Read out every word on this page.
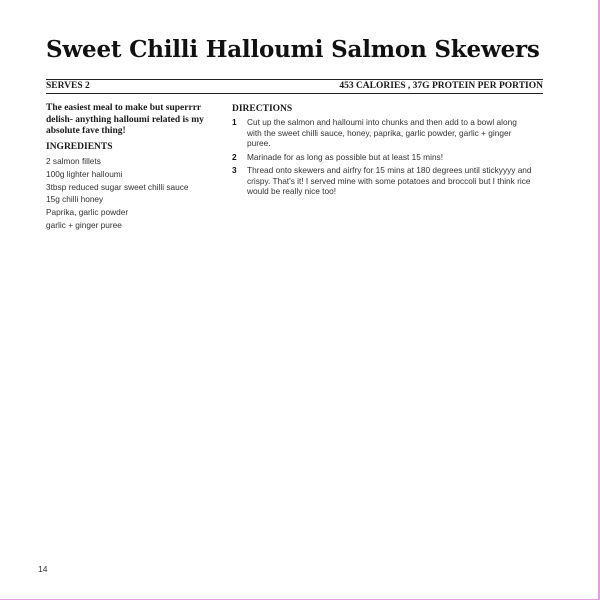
Sweet Chilli Halloumi Salmon Skewers
SERVES 2	453 CALORIES , 37G PROTEIN PER PORTION

The easiest meal to make but superrrr delish- anything halloumi related is my absolute fave thing!

INGREDIENTS
2 salmon fillets
100g lighter halloumi
3tbsp reduced sugar sweet chilli sauce
15g chilli honey
Paprika, garlic powder
garlic + ginger puree
DIRECTIONS
1	Cut up the salmon and halloumi into chunks and then add to a bowl along with the sweet chilli sauce, honey, paprika, garlic powder, garlic + ginger puree.
2	Marinade for as long as possible but at least 15 mins!
3	Thread onto skewers and airfry for 15 mins at 180 degrees until stickyyyy and crispy. That's it! I served mine with some potatoes and broccoli but I think rice would be really nice too!
14
